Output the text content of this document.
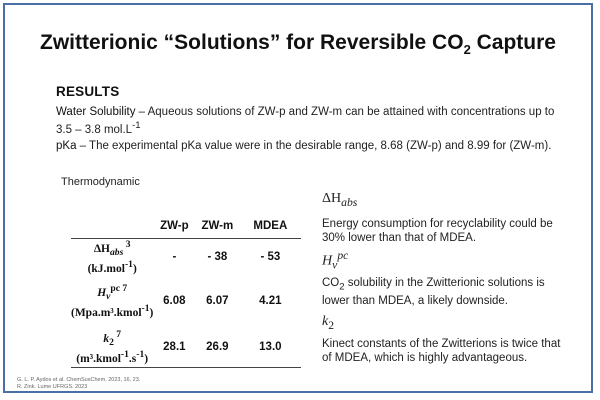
Zwitterionic “Solutions” for Reversible $CO_2$ Capture
RESULTS
Water Solubility – Aqueous solutions of ZW-p and ZW-m can be attained with concentrations up to 3.5 – 3.8 $mol.L^{-1}$
pKa – The experimental pKa value were in the desirable range, 8.68 (ZW-p) and 8.99 for (ZW-m).
Thermodynamic
	ZW-p	ZW-m	MDEA
$\Delta H_{abs}$ $^3$
(kJ.mol$^{-1}$)	-	- 38	- 53
$H_v^{pc 7}$
(Mpa.m³.kmol$^{-1}$)	6.08	6.07	4.21
$k_2$ $^7$
$(m^3.kmol^{-1}.s^{-1})$	28.1	26.9	13.0
$\Delta H_{abs}$
Energy consumption for recyclability could be 30% lower than that of MDEA.
$H_v^{pc}$
$CO_2$ solubility in the Zwitterionic solutions is lower than MDEA, a likely downside.
$k_2$
Kinect constants of the Zwitterions is twice that of MDEA, which is highly advantageous.
G. L. P. Aydos et al. ChemSusChem. 2023, 16, 23.
R. Zink. Lume UFRGS. 2023
